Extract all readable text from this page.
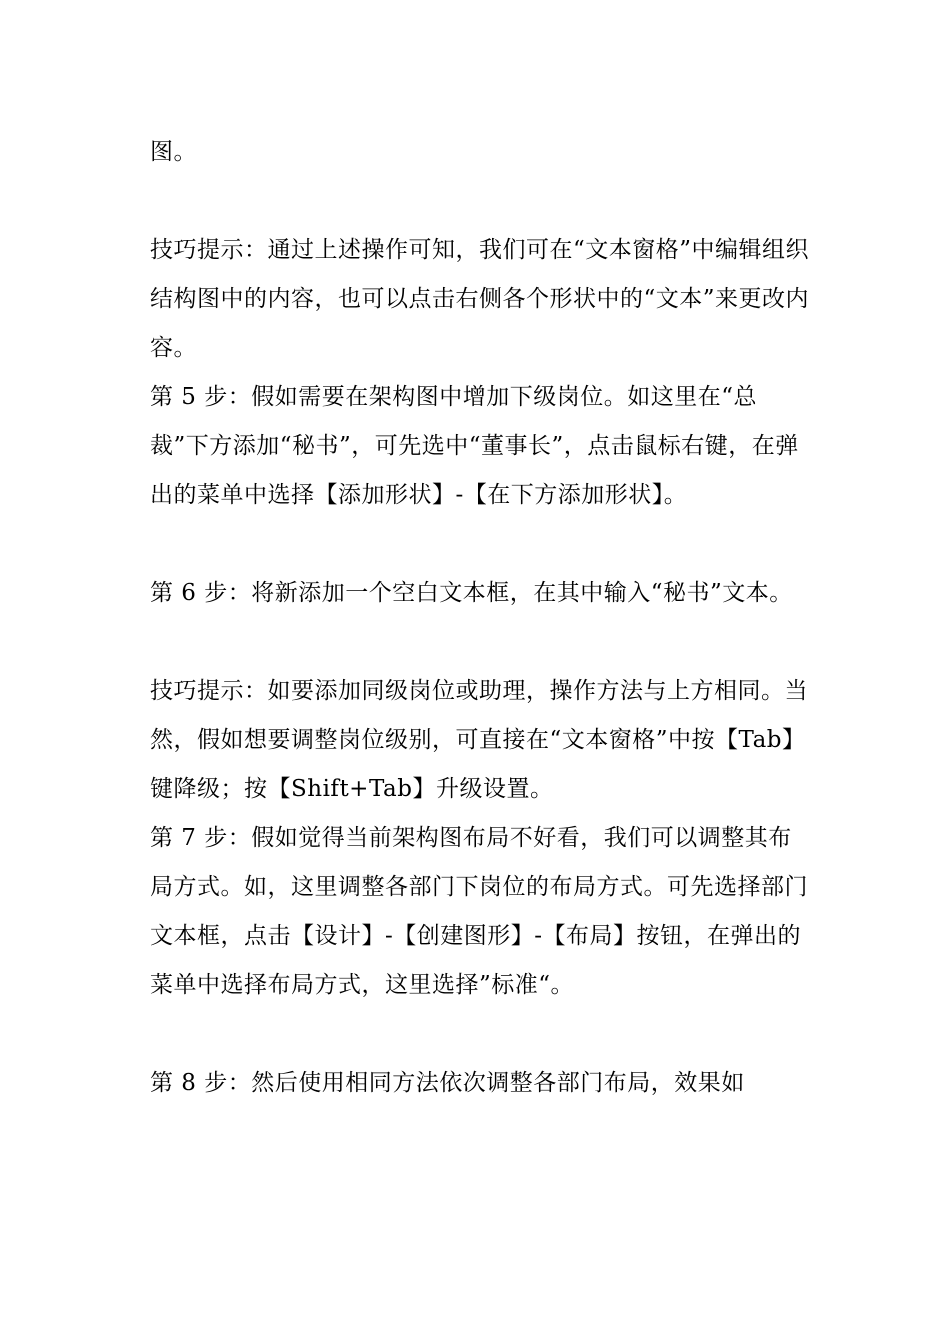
图。

技巧提示：通过上述操作可知，我们可在“文本窗格”中编辑组织结构图中的内容，也可以点击右侧各个形状中的“文本”来更改内容。

第 5 步：假如需要在架构图中增加下级岗位。如这里在“总裁”下方添加“秘书”，可先选中“董事长”，点击鼠标右键，在弹出的菜单中选择【添加形状】-【在下方添加形状】。

第 6 步：将新添加一个空白文本框，在其中输入“秘书”文本。

技巧提示：如要添加同级岗位或助理，操作方法与上方相同。当然，假如想要调整岗位级别，可直接在“文本窗格”中按【Tab】键降级；按【Shift+Tab】升级设置。

第 7 步：假如觉得当前架构图布局不好看，我们可以调整其布局方式。如，这里调整各部门下岗位的布局方式。可先选择部门文本框，点击【设计】-【创建图形】-【布局】按钮，在弹出的菜单中选择布局方式，这里选择”标准“。

第 8 步：然后使用相同方法依次调整各部门布局，效果如
